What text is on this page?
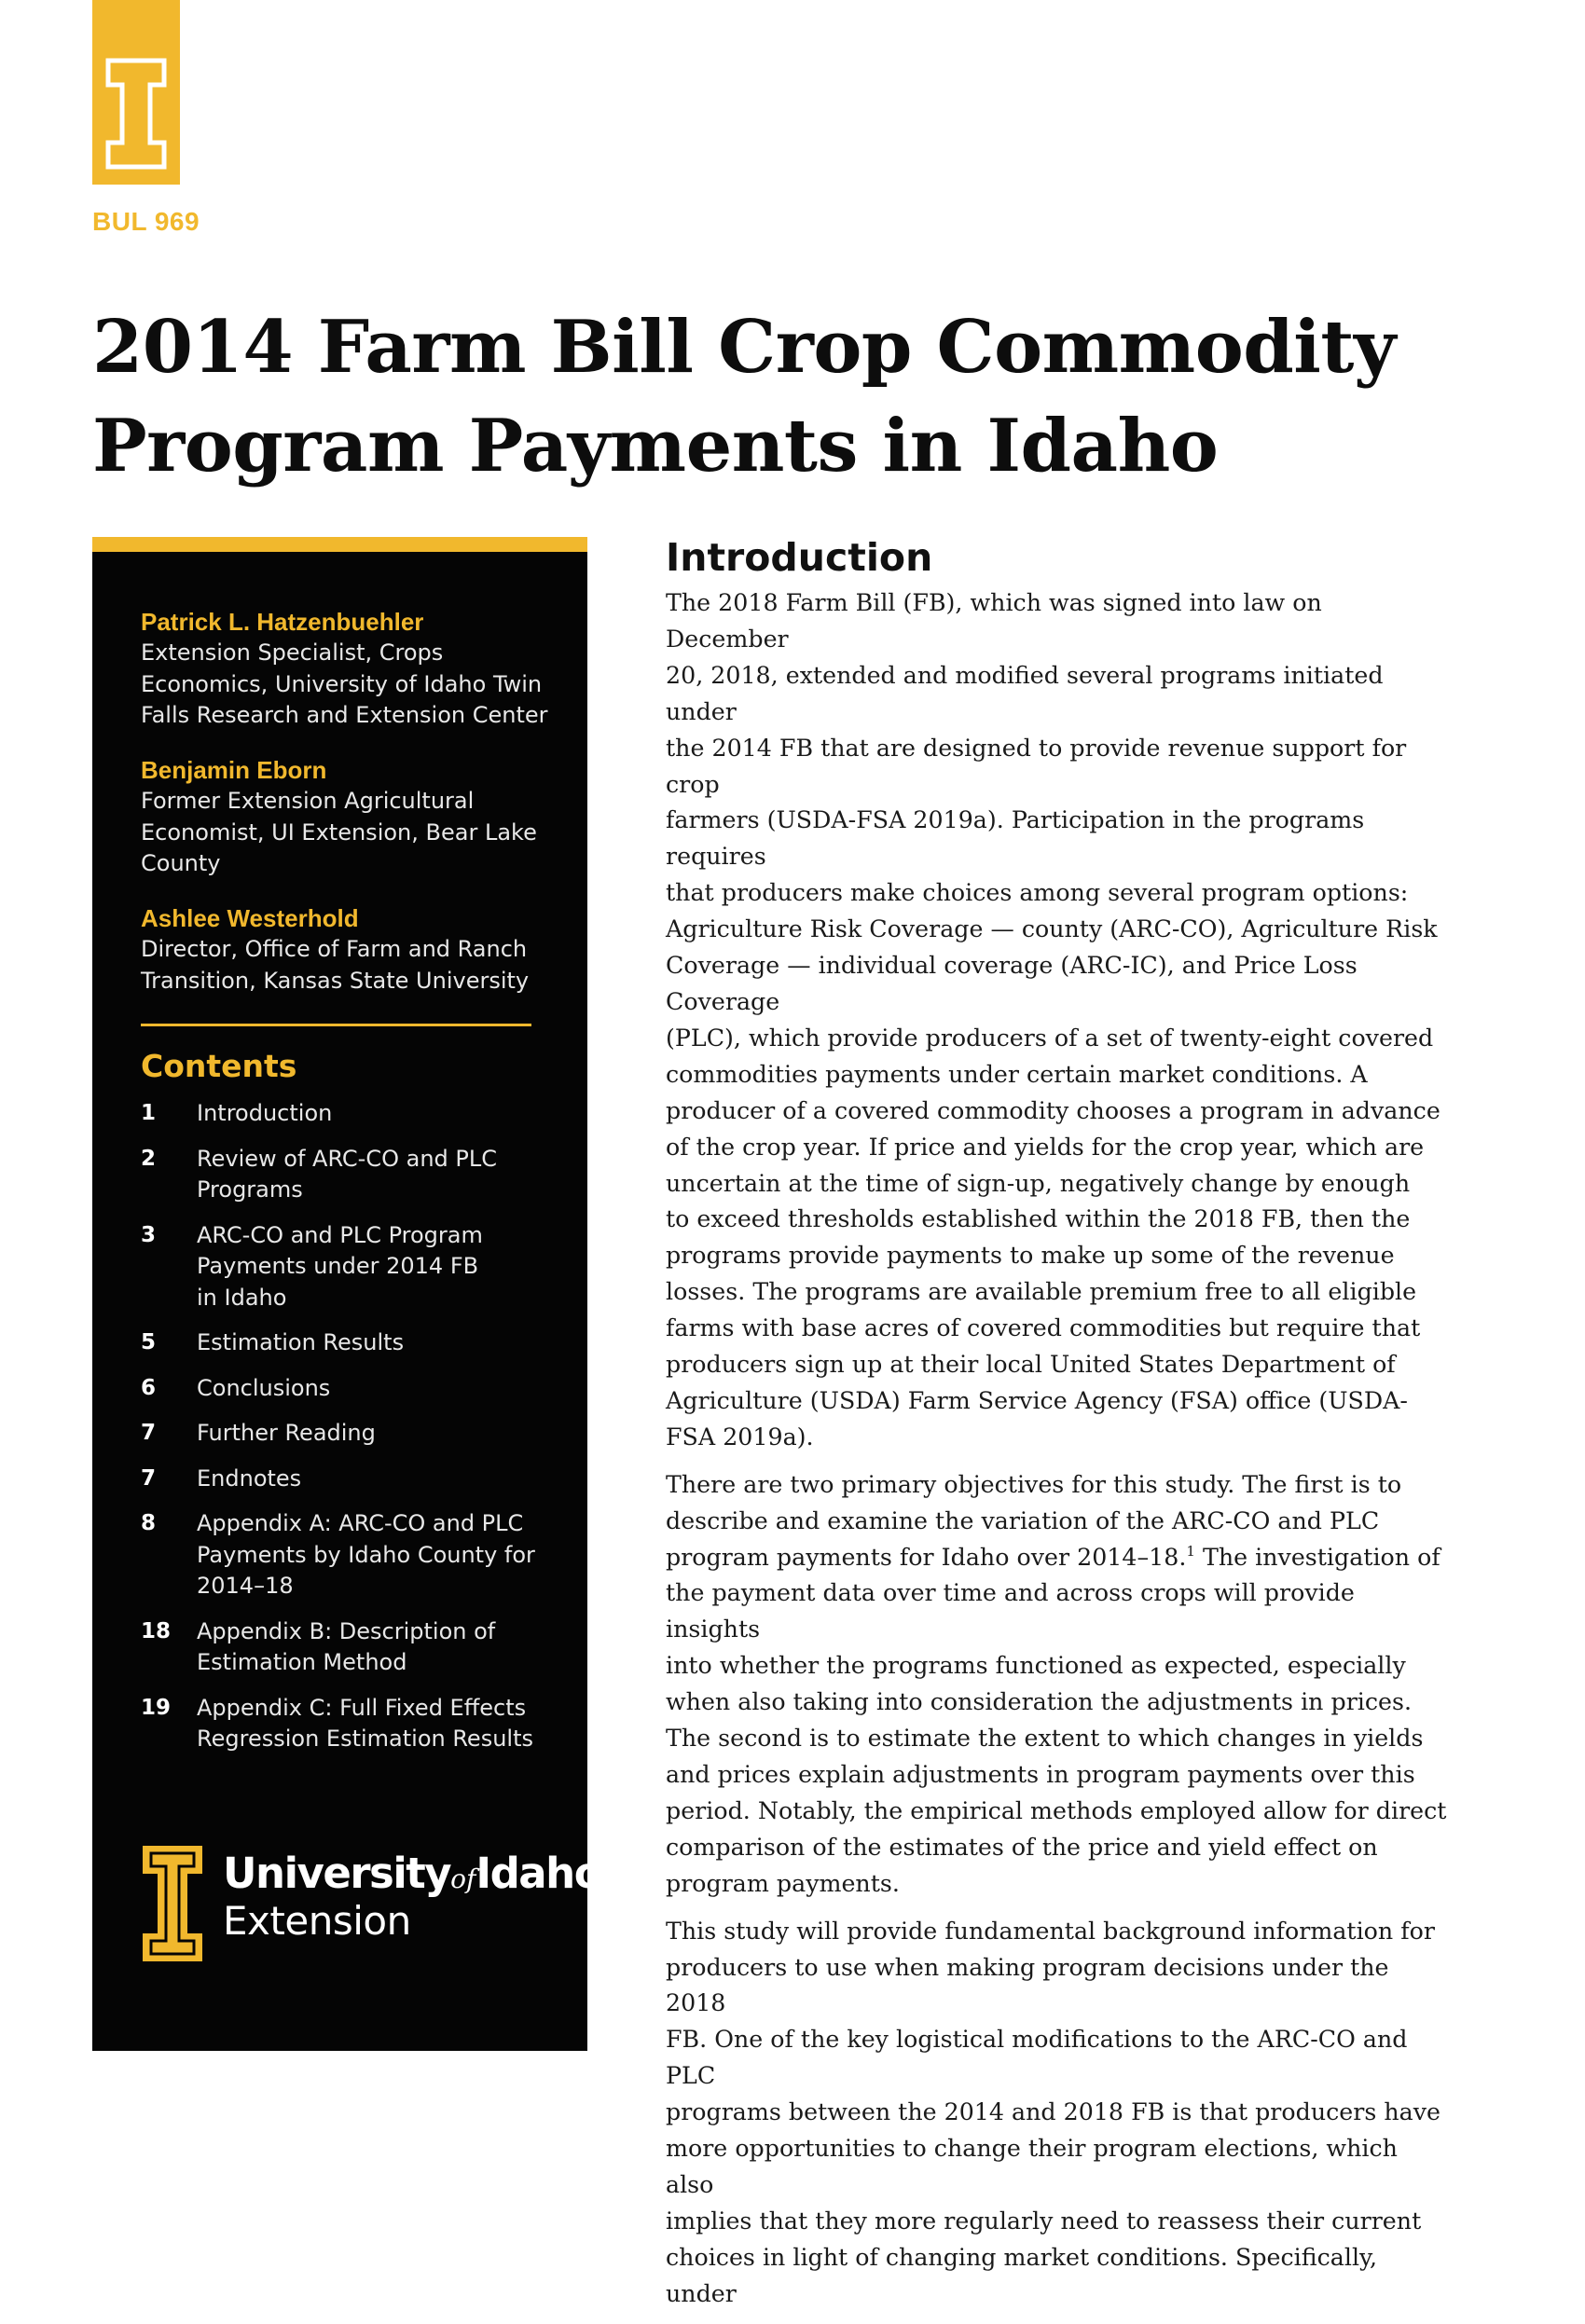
BUL 969
2014 Farm Bill Crop Commodity
Program Payments in Idaho
Patrick L. Hatzenbuehler
Extension Specialist, Crops
Economics, University of Idaho Twin
Falls Research and Extension Center
Benjamin Eborn
Former Extension Agricultural
Economist, UI Extension, Bear Lake
County
Ashlee Westerhold
Director, Office of Farm and Ranch
Transition, Kansas State University
Contents
1	Introduction
2	Review of ARC-CO and PLC
Programs
3	ARC-CO and PLC Program
Payments under 2014 FB
in Idaho
5	Estimation Results
6	Conclusions
7	Further Reading
7	Endnotes
8	Appendix A: ARC-CO and PLC
Payments by Idaho County for
2014–18
18	Appendix B: Description of
Estimation Method
19	Appendix C: Full Fixed Effects
Regression Estimation Results
UniversityofIdaho
Extension
Introduction

The 2018 Farm Bill (FB), which was signed into law on December
20, 2018, extended and modified several programs initiated under
the 2014 FB that are designed to provide revenue support for crop
farmers (USDA-FSA 2019a). Participation in the programs requires
that producers make choices among several program options:
Agriculture Risk Coverage — county (ARC-CO), Agriculture Risk
Coverage — individual coverage (ARC-IC), and Price Loss Coverage
(PLC), which provide producers of a set of twenty-eight covered
commodities payments under certain market conditions. A
producer of a covered commodity chooses a program in advance
of the crop year. If price and yields for the crop year, which are
uncertain at the time of sign-up, negatively change by enough
to exceed thresholds established within the 2018 FB, then the
programs provide payments to make up some of the revenue
losses. The programs are available premium free to all eligible
farms with base acres of covered commodities but require that
producers sign up at their local United States Department of
Agriculture (USDA) Farm Service Agency (FSA) office (USDA-
FSA 2019a).

There are two primary objectives for this study. The first is to
describe and examine the variation of the ARC-CO and PLC
program payments for Idaho over 2014–18.$^1$ The investigation of
the payment data over time and across crops will provide insights
into whether the programs functioned as expected, especially
when also taking into consideration the adjustments in prices.
The second is to estimate the extent to which changes in yields
and prices explain adjustments in program payments over this
period. Notably, the empirical methods employed allow for direct
comparison of the estimates of the price and yield effect on
program payments.

This study will provide fundamental background information for
producers to use when making program decisions under the 2018
FB. One of the key logistical modifications to the ARC-CO and PLC
programs between the 2014 and 2018 FB is that producers have
more opportunities to change their program elections, which also
implies that they more regularly need to reassess their current
choices in light of changing market conditions. Specifically, under
